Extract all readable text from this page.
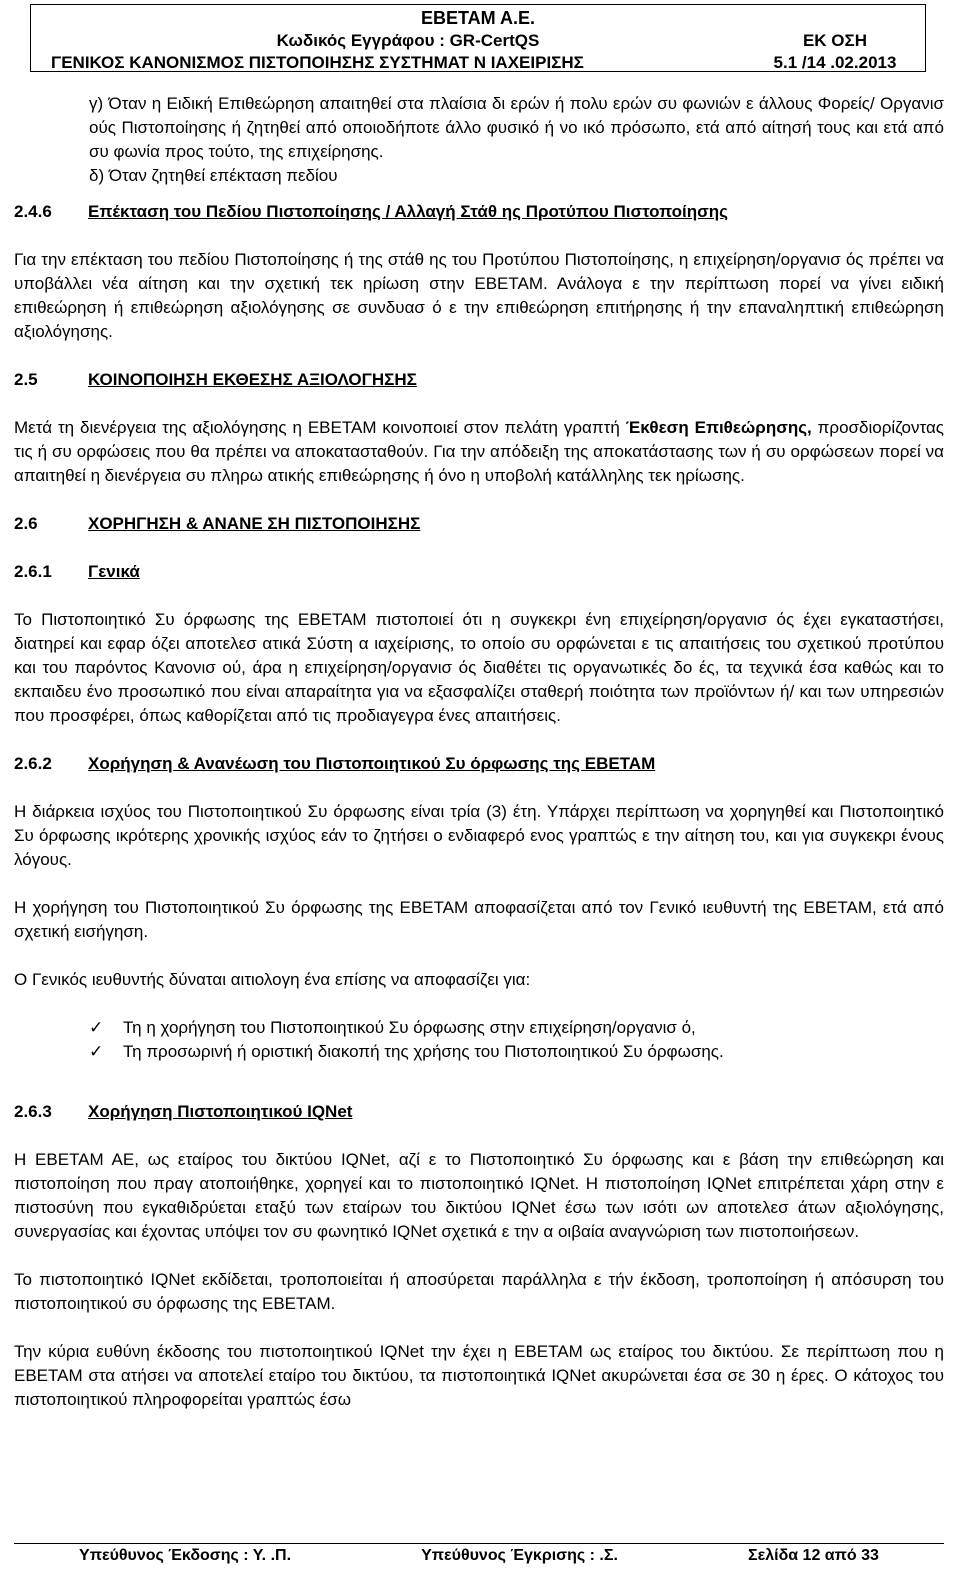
ΕΒΕΤΑΜ Α.Ε.
Κωδικός Εγγράφου : GR-CertQS	ΕΚ ΟΣΗ
ΓΕΝΙΚΟΣ ΚΑΝΟΝΙΣΜΟΣ ΠΙΣΤΟΠΟΙΗΣΗΣ ΣΥΣΤΗΜΑΤ Ν ΙΑΧΕΙΡΙΣΗΣ	5.1 /14 .02.2013

γ) Όταν η Ειδική Επιθεώρηση απαιτηθεί στα πλαίσια δι ερών ή πολυ ερών συ φωνιών ε άλλους Φορείς/ Οργανισ ούς Πιστοποίησης ή ζητηθεί από οποιοδήποτε άλλο φυσικό ή νο ικό πρόσωπο, ετά από αίτησή τους και ετά από συ φωνία προς τούτο, της επιχείρησης.

δ) Όταν ζητηθεί επέκταση πεδίου

2.4.6	Επέκταση του Πεδίου Πιστοποίησης / Αλλαγή Στάθ ης Προτύπου Πιστοποίησης

Για την επέκταση του πεδίου Πιστοποίησης ή της στάθ ης του Προτύπου Πιστοποίησης, η επιχείρηση/οργανισ ός πρέπει να υποβάλλει νέα αίτηση και την σχετική τεκ ηρίωση στην ΕΒΕΤΑΜ. Ανάλογα ε την περίπτωση πορεί να γίνει ειδική επιθεώρηση ή επιθεώρηση αξιολόγησης σε συνδυασ ό ε την επιθεώρηση επιτήρησης ή την επαναληπτική επιθεώρηση αξιολόγησης.

2.5	ΚΟΙΝΟΠΟΙΗΣΗ ΕΚΘΕΣΗΣ ΑΞΙΟΛΟΓΗΣΗΣ

Μετά τη διενέργεια της αξιολόγησης η ΕΒΕΤΑΜ κοινοποιεί στον πελάτη γραπτή Έκθεση Επιθεώρησης, προσδιορίζοντας τις ή συ ορφώσεις που θα πρέπει να αποκατασταθούν. Για την απόδειξη της αποκατάστασης των ή συ ορφώσεων πορεί να απαιτηθεί η διενέργεια συ πληρω ατικής επιθεώρησης ή όνο η υποβολή κατάλληλης τεκ ηρίωσης.

2.6	ΧΟΡΗΓΗΣΗ & ΑΝΑΝΕ ΣΗ ΠΙΣΤΟΠΟΙΗΣΗΣ
2.6.1	Γενικά

Το Πιστοποιητικό Συ όρφωσης της ΕΒΕΤΑΜ πιστοποιεί ότι η συγκεκρι ένη επιχείρηση/οργανισ ός έχει εγκαταστήσει, διατηρεί και εφαρ όζει αποτελεσ ατικά Σύστη α ιαχείρισης, το οποίο συ ορφώνεται ε τις απαιτήσεις του σχετικού προτύπου και του παρόντος Κανονισ ού, άρα η επιχείρηση/οργανισ ός διαθέτει τις οργανωτικές δο ές, τα τεχνικά έσα καθώς και το εκπαιδευ ένο προσωπικό που είναι απαραίτητα για να εξασφαλίζει σταθερή ποιότητα των προϊόντων ή/ και των υπηρεσιών που προσφέρει, όπως καθορίζεται από τις προδιαγεγρα ένες απαιτήσεις.

2.6.2	Χορήγηση & Ανανέωση του Πιστοποιητικού Συ όρφωσης της ΕΒΕΤΑΜ

Η διάρκεια ισχύος του Πιστοποιητικού Συ όρφωσης είναι τρία (3) έτη. Υπάρχει περίπτωση να χορηγηθεί και Πιστοποιητικό Συ όρφωσης ικρότερης χρονικής ισχύος εάν το ζητήσει ο ενδιαφερό ενος γραπτώς ε την αίτηση του, και για συγκεκρι ένους λόγους.

Η χορήγηση του Πιστοποιητικού Συ όρφωσης της ΕΒΕΤΑΜ αποφασίζεται από τον Γενικό ιευθυντή της ΕΒΕΤΑΜ, ετά από σχετική εισήγηση.

Ο Γενικός ιευθυντής δύναται αιτιολογη ένα επίσης να αποφασίζει για:

✓	Τη η χορήγηση του Πιστοποιητικού Συ όρφωσης στην επιχείρηση/οργανισ ό,
✓	Τη προσωρινή ή οριστική διακοπή της χρήσης του Πιστοποιητικού Συ όρφωσης.
2.6.3	Χορήγηση Πιστοποιητικού IQNet

Η ΕΒΕΤΑΜ ΑΕ, ως εταίρος του δικτύου IQNet, αζί ε το Πιστοποιητικό Συ όρφωσης και ε βάση την επιθεώρηση και πιστοποίηση που πραγ ατοποιήθηκε, χορηγεί και το πιστοποιητικό IQNet. Η πιστοποίηση IQNet επιτρέπεται χάρη στην ε πιστοσύνη που εγκαθιδρύεται εταξύ των εταίρων του δικτύου IQNet έσω των ισότι ων αποτελεσ άτων αξιολόγησης, συνεργασίας και έχοντας υπόψει τον συ φωνητικό IQNet σχετικά ε την α οιβαία αναγνώριση των πιστοποιήσεων.

Το πιστοποιητικό IQNet εκδίδεται, τροποποιείται ή αποσύρεται παράλληλα ε τήν έκδοση, τροποποίηση ή απόσυρση του πιστοποιητικού συ όρφωσης της ΕΒΕΤΑΜ.

Την κύρια ευθύνη έκδοσης του πιστοποιητικού IQNet την έχει η ΕΒΕΤΑΜ ως εταίρος του δικτύου. Σε περίπτωση που η ΕΒΕΤΑΜ στα ατήσει να αποτελεί εταίρο του δικτύου, τα πιστοποιητικά IQNet ακυρώνεται έσα σε 30 η έρες. Ο κάτοχος του πιστοποιητικού πληροφορείται γραπτώς έσω

Υπεύθυνος Έκδοσης : Υ. .Π.	Υπεύθυνος Έγκρισης : .Σ.	Σελίδα 12 από 33
